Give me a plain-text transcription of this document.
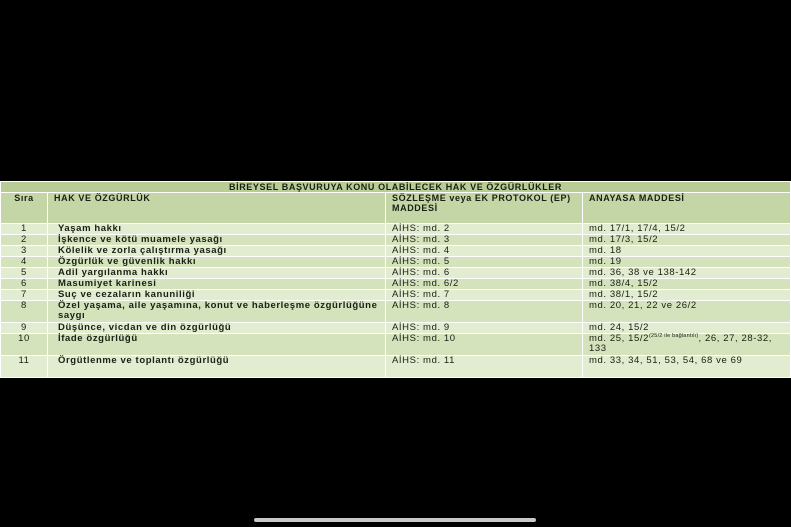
BİREYSEL BAŞVURUYA KONU OLABİLECEK HAK VE ÖZGÜRLÜKLER			
Sıra	HAK VE ÖZGÜRLÜK	SÖZLEŞME veya EK PROTOKOL (EP) MADDESİ	ANAYASA MADDESİ
1	Yaşam hakkı	AİHS: md. 2	md. 17/1, 17/4, 15/2
2	İşkence ve kötü muamele yasağı	AİHS: md. 3	md. 17/3, 15/2
3	Kölelik ve zorla çalıştırma yasağı	AİHS: md. 4	md. 18
4	Özgürlük ve güvenlik hakkı	AİHS: md. 5	md. 19
5	Adil yargılanma hakkı	AİHS: md. 6	md. 36, 38 ve 138-142
6	Masumiyet karinesi	AİHS: md. 6/2	md. 38/4, 15/2
7	Suç ve cezaların kanuniliği	AİHS: md. 7	md. 38/1, 15/2
8	Özel yaşama, aile yaşamına, konut ve haberleşme özgürlüğüne saygı	AİHS: md. 8	md. 20, 21, 22 ve 26/2
9	Düşünce, vicdan ve din özgürlüğü	AİHS: md. 9	md. 24, 15/2
10	İfade özgürlüğü	AİHS: md. 10	md. 25, $15/2^{(25/2 ile bağlantılı)}$, 26, 27, 28-32, 133

11	Örgütlenme ve toplantı özgürlüğü	AİHS: md. 11	md. 33, 34, 51, 53, 54, 68 ve 69
